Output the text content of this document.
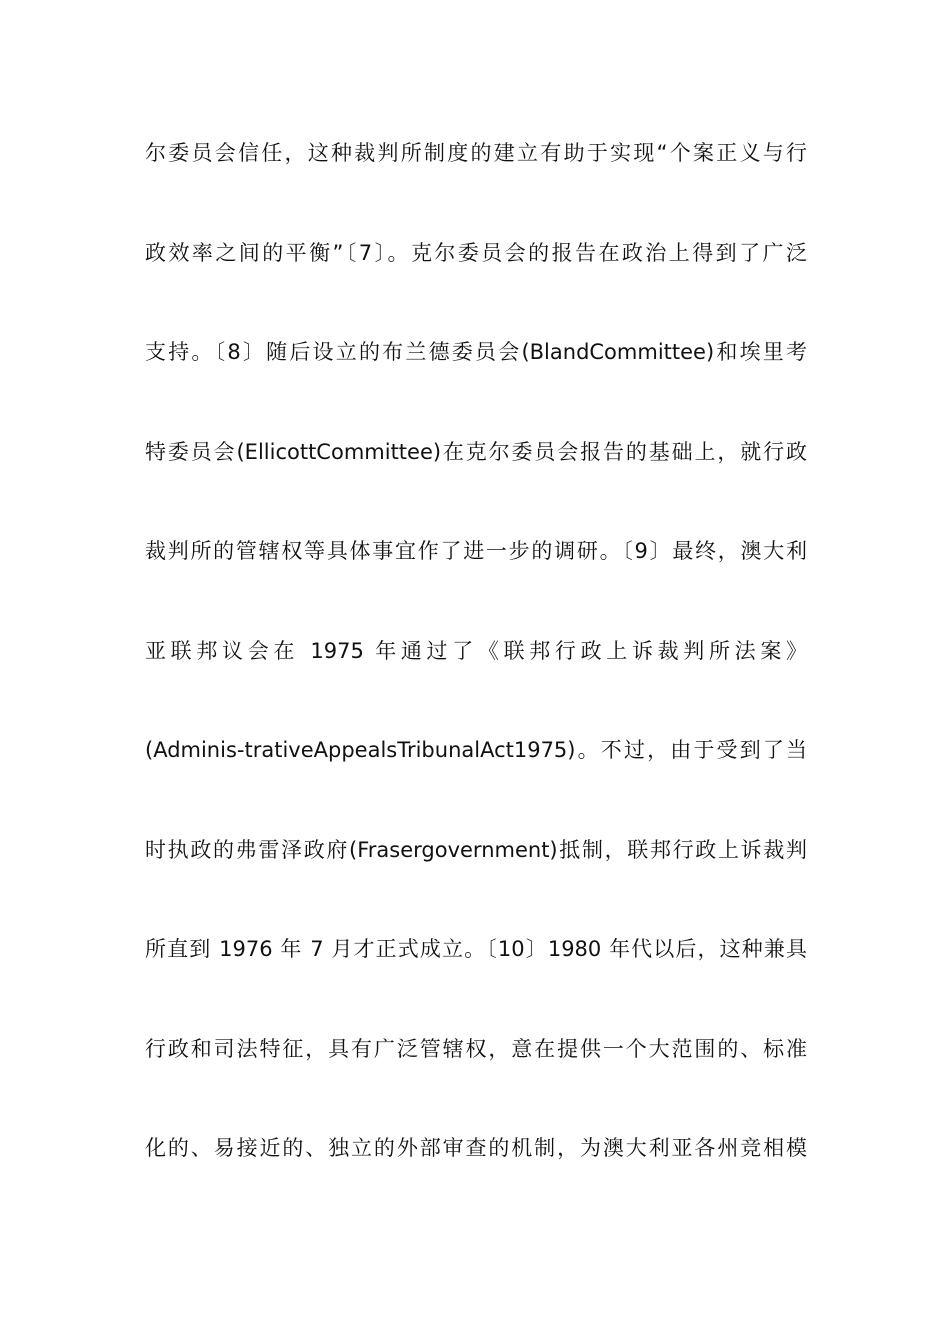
尔委员会信任，这种裁判所制度的建立有助于实现“个案正义与行
政效率之间的平衡”〔7〕。克尔委员会的报告在政治上得到了广泛
支持。〔8〕随后设立的布兰德委员会(BlandCommittee)和埃里考
特委员会(EllicottCommittee)在克尔委员会报告的基础上，就行政
裁判所的管辖权等具体事宜作了进一步的调研。〔9〕最终，澳大利
亚联邦议会在 1975 年通过了《联邦行政上诉裁判所法案》
(Adminis-trativeAppealsTribunalAct1975)。不过，由于受到了当
时执政的弗雷泽政府(Frasergovernment)抵制，联邦行政上诉裁判
所直到 1976 年 7 月才正式成立。〔10〕1980 年代以后，这种兼具
行政和司法特征，具有广泛管辖权，意在提供一个大范围的、标准
化的、易接近的、独立的外部审查的机制，为澳大利亚各州竞相模
